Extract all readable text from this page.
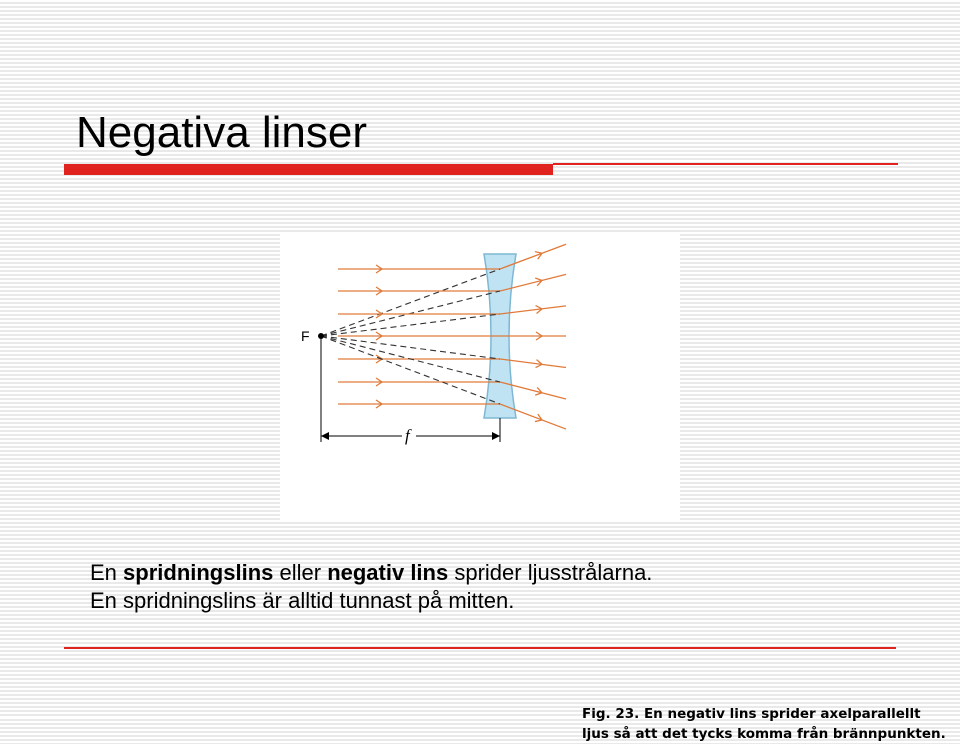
Negativa linser
F
f
Fig. 23. En negativ lins sprider axelparallellt
ljus så att det tycks komma från brännpunkten.
En spridningslins eller negativ lins sprider ljusstrålarna.
En spridningslins är alltid tunnast på mitten.
